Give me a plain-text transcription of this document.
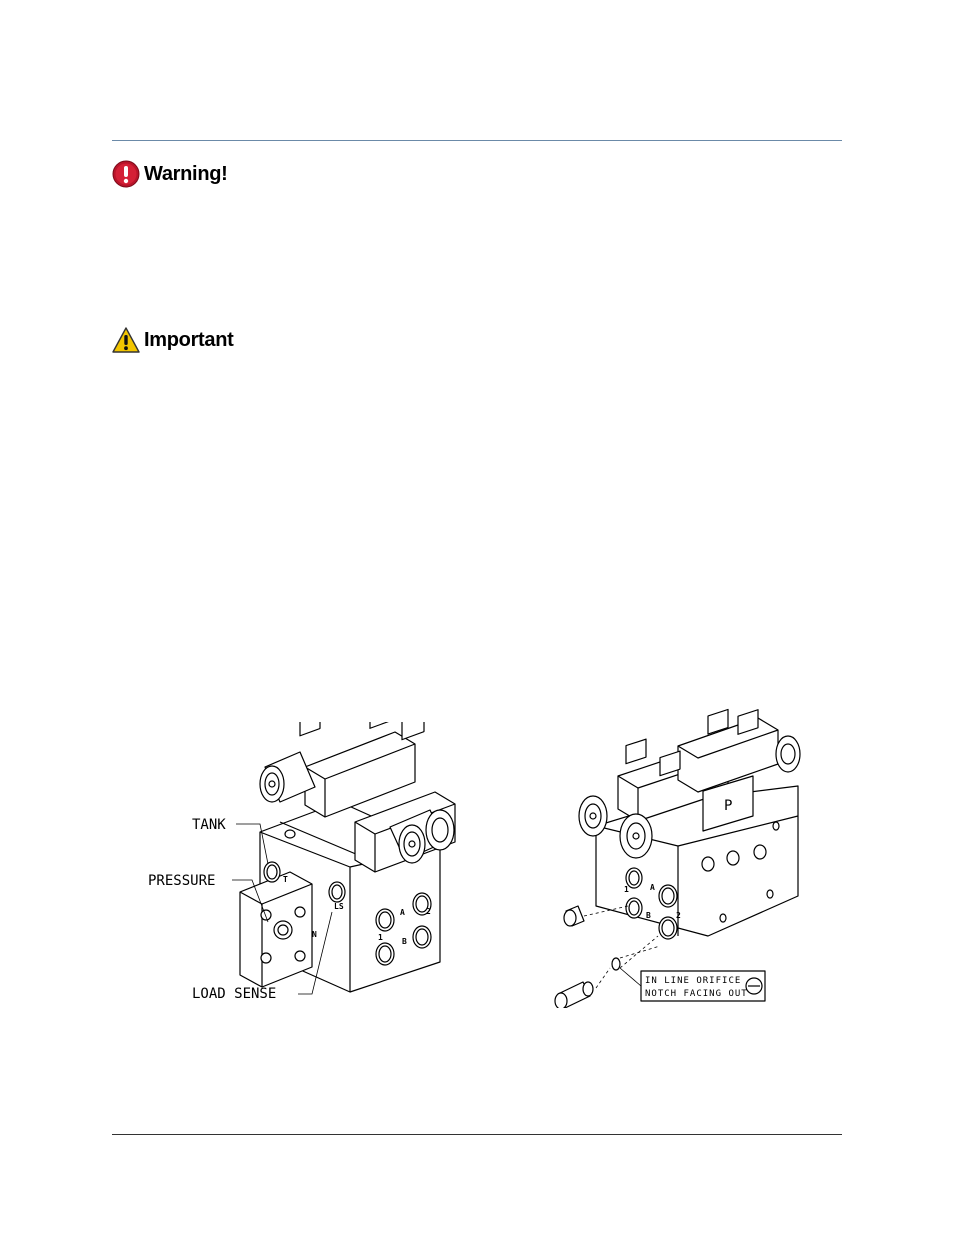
Warning!
Important
TANK
PRESSURE
LOAD SENSE
T
LS
A
B
1
2
N
IN LINE ORIFICE
NOTCH FACING OUT
A
B
1
2
P
